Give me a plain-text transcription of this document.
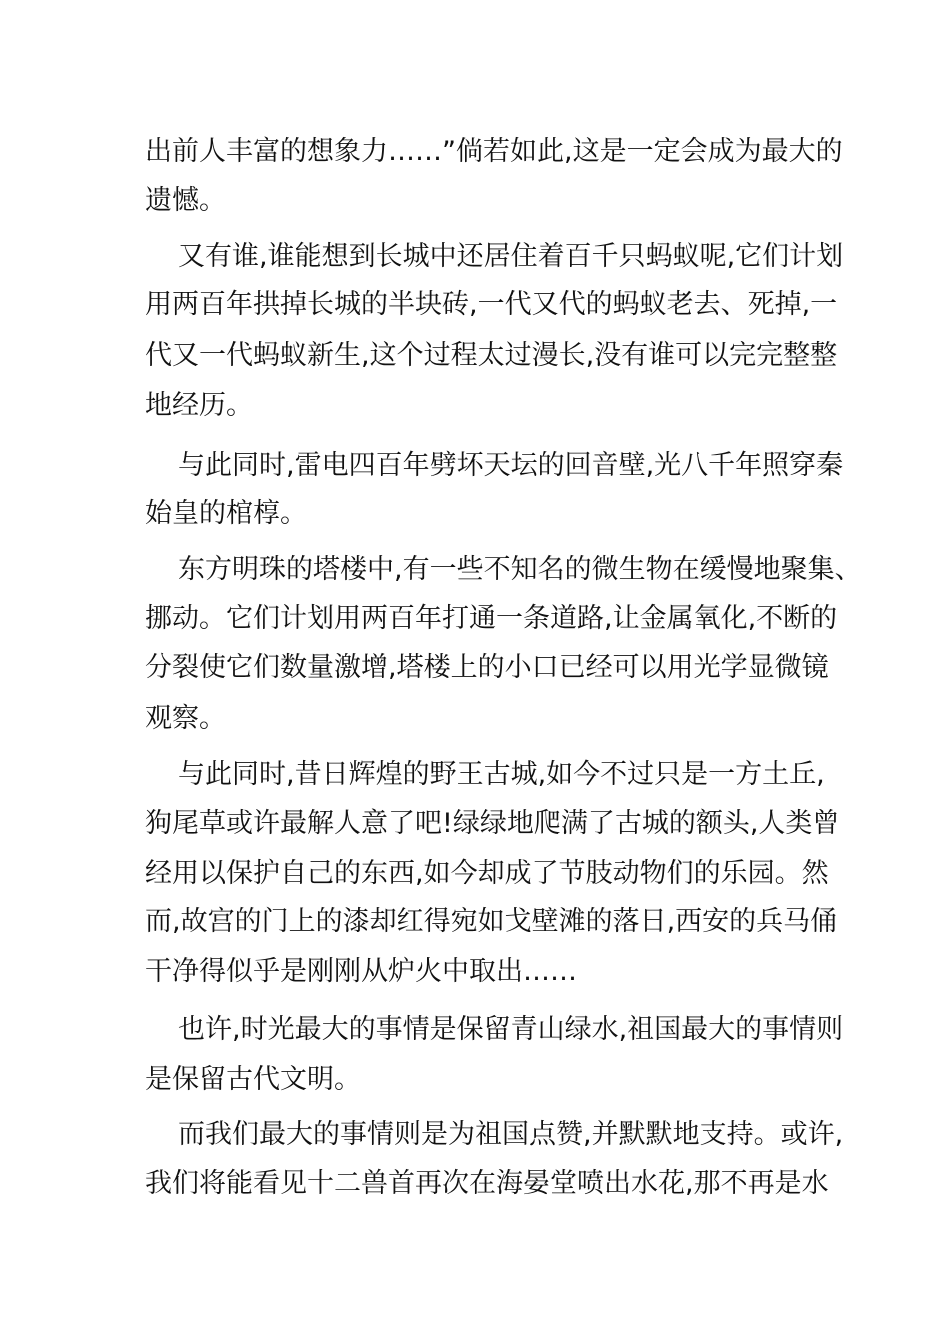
出前人丰富的想象力……”倘若如此,这是一定会成为最大的
遗憾。
又有谁,谁能想到长城中还居住着百千只蚂蚁呢,它们计划
用两百年拱掉长城的半块砖,一代又代的蚂蚁老去、死掉,一
代又一代蚂蚁新生,这个过程太过漫长,没有谁可以完完整整
地经历。
与此同时,雷电四百年劈坏天坛的回音壁,光八千年照穿秦
始皇的棺椁。
东方明珠的塔楼中,有一些不知名的微生物在缓慢地聚集、
挪动。它们计划用两百年打通一条道路,让金属氧化,不断的
分裂使它们数量激增,塔楼上的小口已经可以用光学显微镜
观察。
与此同时,昔日辉煌的野王古城,如今不过只是一方土丘,
狗尾草或许最解人意了吧!绿绿地爬满了古城的额头,人类曾
经用以保护自己的东西,如今却成了节肢动物们的乐园。然
而,故宫的门上的漆却红得宛如戈壁滩的落日,西安的兵马俑
干净得似乎是刚刚从炉火中取出……
也许,时光最大的事情是保留青山绿水,祖国最大的事情则
是保留古代文明。
而我们最大的事情则是为祖国点赞,并默默地支持。或许,
我们将能看见十二兽首再次在海晏堂喷出水花,那不再是水
